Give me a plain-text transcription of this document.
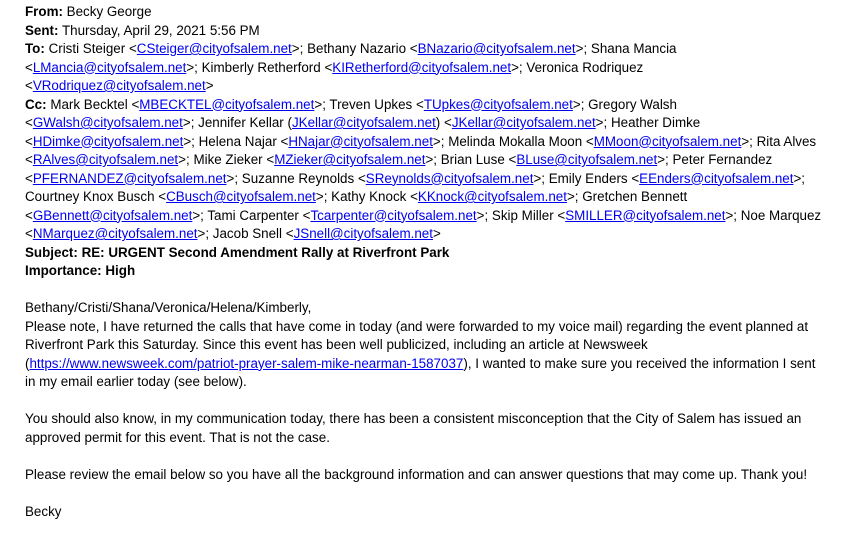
From: Becky George
Sent: Thursday, April 29, 2021 5:56 PM
To: Cristi Steiger <CSteiger@cityofsalem.net>; Bethany Nazario <BNazario@cityofsalem.net>; Shana Mancia <LMancia@cityofsalem.net>; Kimberly Retherford <KIRetherford@cityofsalem.net>; Veronica Rodriquez <VRodriquez@cityofsalem.net>
Cc: Mark Becktel <MBECKTEL@cityofsalem.net>; Treven Upkes <TUpkes@cityofsalem.net>; Gregory Walsh <GWalsh@cityofsalem.net>; Jennifer Kellar (JKellar@cityofsalem.net) <JKellar@cityofsalem.net>; Heather Dimke <HDimke@cityofsalem.net>; Helena Najar <HNajar@cityofsalem.net>; Melinda Mokalla Moon <MMoon@cityofsalem.net>; Rita Alves <RAlves@cityofsalem.net>; Mike Zieker <MZieker@cityofsalem.net>; Brian Luse <BLuse@cityofsalem.net>; Peter Fernandez <PFERNANDEZ@cityofsalem.net>; Suzanne Reynolds <SReynolds@cityofsalem.net>; Emily Enders <EEnders@cityofsalem.net>; Courtney Knox Busch <CBusch@cityofsalem.net>; Kathy Knock <KKnock@cityofsalem.net>; Gretchen Bennett <GBennett@cityofsalem.net>; Tami Carpenter <Tcarpenter@cityofsalem.net>; Skip Miller <SMILLER@cityofsalem.net>; Noe Marquez <NMarquez@cityofsalem.net>; Jacob Snell <JSnell@cityofsalem.net>
Subject: RE: URGENT Second Amendment Rally at Riverfront Park
Importance: High
Bethany/Cristi/Shana/Veronica/Helena/Kimberly,
Please note, I have returned the calls that have come in today (and were forwarded to my voice mail) regarding the event planned at Riverfront Park this Saturday. Since this event has been well publicized, including an article at Newsweek (https://www.newsweek.com/patriot-prayer-salem-mike-nearman-1587037), I wanted to make sure you received the information I sent in my email earlier today (see below).
You should also know, in my communication today, there has been a consistent misconception that the City of Salem has issued an approved permit for this event. That is not the case.
Please review the email below so you have all the background information and can answer questions that may come up. Thank you!
Becky
